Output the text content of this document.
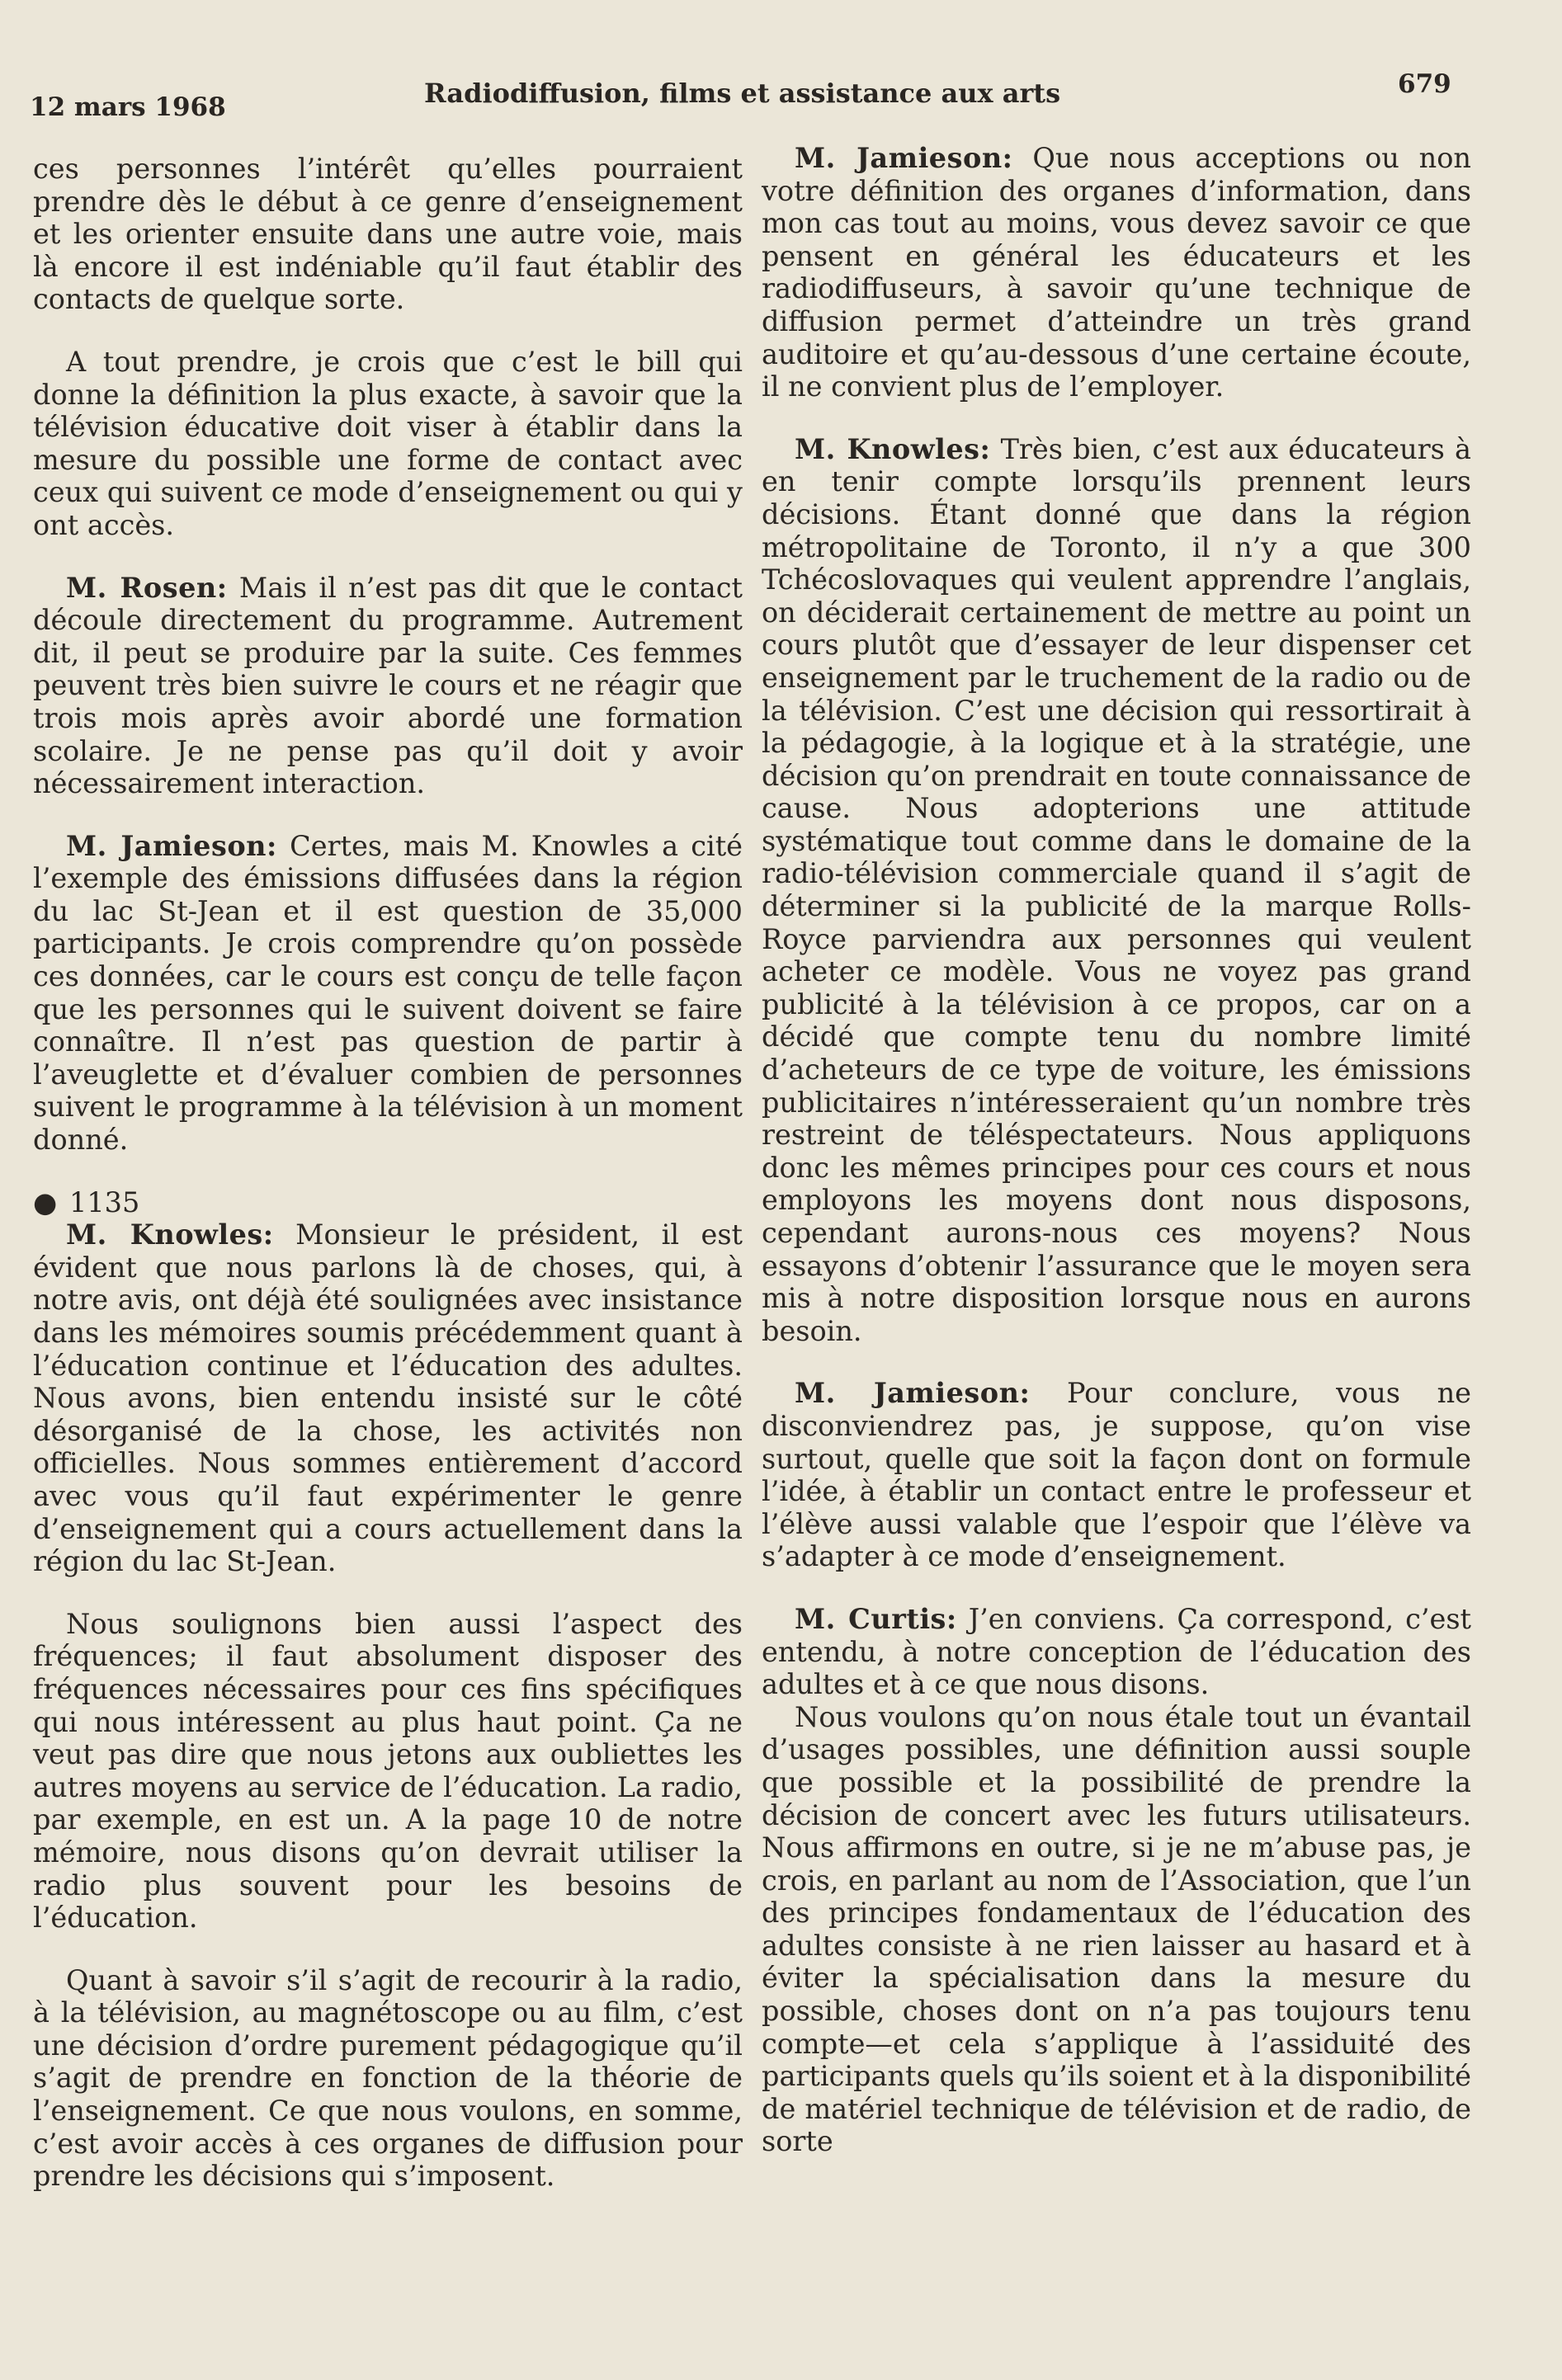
12 mars 1968	Radiodiffusion, films et assistance aux arts	679

ces personnes l’intérêt qu’elles pourraient prendre dès le début à ce genre d’enseignement et les orienter ensuite dans une autre voie, mais là encore il est indéniable qu’il faut établir des contacts de quelque sorte.

A tout prendre, je crois que c’est le bill qui donne la définition la plus exacte, à savoir que la télévision éducative doit viser à établir dans la mesure du possible une forme de contact avec ceux qui suivent ce mode d’enseignement ou qui y ont accès.

M. Rosen: Mais il n’est pas dit que le contact découle directement du programme. Autrement dit, il peut se produire par la suite. Ces femmes peuvent très bien suivre le cours et ne réagir que trois mois après avoir abordé une formation scolaire. Je ne pense pas qu’il doit y avoir nécessairement interaction.

M. Jamieson: Certes, mais M. Knowles a cité l’exemple des émissions diffusées dans la région du lac St-Jean et il est question de 35,000 participants. Je crois comprendre qu’on possède ces données, car le cours est conçu de telle façon que les personnes qui le suivent doivent se faire connaître. Il n’est pas question de partir à l’aveuglette et d’évaluer combien de personnes suivent le programme à la télévision à un moment donné.

● 1135

M. Knowles: Monsieur le président, il est évident que nous parlons là de choses, qui, à notre avis, ont déjà été soulignées avec insistance dans les mémoires soumis précédemment quant à l’éducation continue et l’éducation des adultes. Nous avons, bien entendu insisté sur le côté désorganisé de la chose, les activités non officielles. Nous sommes entièrement d’accord avec vous qu’il faut expérimenter le genre d’enseignement qui a cours actuellement dans la région du lac St-Jean.

Nous soulignons bien aussi l’aspect des fréquences; il faut absolument disposer des fréquences nécessaires pour ces fins spécifiques qui nous intéressent au plus haut point. Ça ne veut pas dire que nous jetons aux oubliettes les autres moyens au service de l’éducation. La radio, par exemple, en est un. A la page 10 de notre mémoire, nous disons qu’on devrait utiliser la radio plus souvent pour les besoins de l’éducation.

Quant à savoir s’il s’agit de recourir à la radio, à la télévision, au magnétoscope ou au film, c’est une décision d’ordre purement pédagogique qu’il s’agit de prendre en fonction de la théorie de l’enseignement. Ce que nous voulons, en somme, c’est avoir accès à ces organes de diffusion pour prendre les décisions qui s’imposent.

M. Jamieson: Que nous acceptions ou non votre définition des organes d’information, dans mon cas tout au moins, vous devez savoir ce que pensent en général les éducateurs et les radiodiffuseurs, à savoir qu’une technique de diffusion permet d’atteindre un très grand auditoire et qu’au-dessous d’une certaine écoute, il ne convient plus de l’employer.

M. Knowles: Très bien, c’est aux éducateurs à en tenir compte lorsqu’ils prennent leurs décisions. Étant donné que dans la région métropolitaine de Toronto, il n’y a que 300 Tchécoslovaques qui veulent apprendre l’anglais, on déciderait certainement de mettre au point un cours plutôt que d’essayer de leur dispenser cet enseignement par le truchement de la radio ou de la télévision. C’est une décision qui ressortirait à la pédagogie, à la logique et à la stratégie, une décision qu’on prendrait en toute connaissance de cause. Nous adopterions une attitude systématique tout comme dans le domaine de la radio-télévision commerciale quand il s’agit de déterminer si la publicité de la marque Rolls-Royce parviendra aux personnes qui veulent acheter ce modèle. Vous ne voyez pas grand publicité à la télévision à ce propos, car on a décidé que compte tenu du nombre limité d’acheteurs de ce type de voiture, les émissions publicitaires n’intéresseraient qu’un nombre très restreint de téléspectateurs. Nous appliquons donc les mêmes principes pour ces cours et nous employons les moyens dont nous disposons, cependant aurons-nous ces moyens? Nous essayons d’obtenir l’assurance que le moyen sera mis à notre disposition lorsque nous en aurons besoin.

M. Jamieson: Pour conclure, vous ne disconviendrez pas, je suppose, qu’on vise surtout, quelle que soit la façon dont on formule l’idée, à établir un contact entre le professeur et l’élève aussi valable que l’espoir que l’élève va s’adapter à ce mode d’enseignement.

M. Curtis: J’en conviens. Ça correspond, c’est entendu, à notre conception de l’éducation des adultes et à ce que nous disons.

Nous voulons qu’on nous étale tout un évantail d’usages possibles, une définition aussi souple que possible et la possibilité de prendre la décision de concert avec les futurs utilisateurs. Nous affirmons en outre, si je ne m’abuse pas, je crois, en parlant au nom de l’Association, que l’un des principes fondamentaux de l’éducation des adultes consiste à ne rien laisser au hasard et à éviter la spécialisation dans la mesure du possible, choses dont on n’a pas toujours tenu compte—et cela s’applique à l’assiduité des participants quels qu’ils soient et à la disponibilité de matériel technique de télévision et de radio, de sorte
